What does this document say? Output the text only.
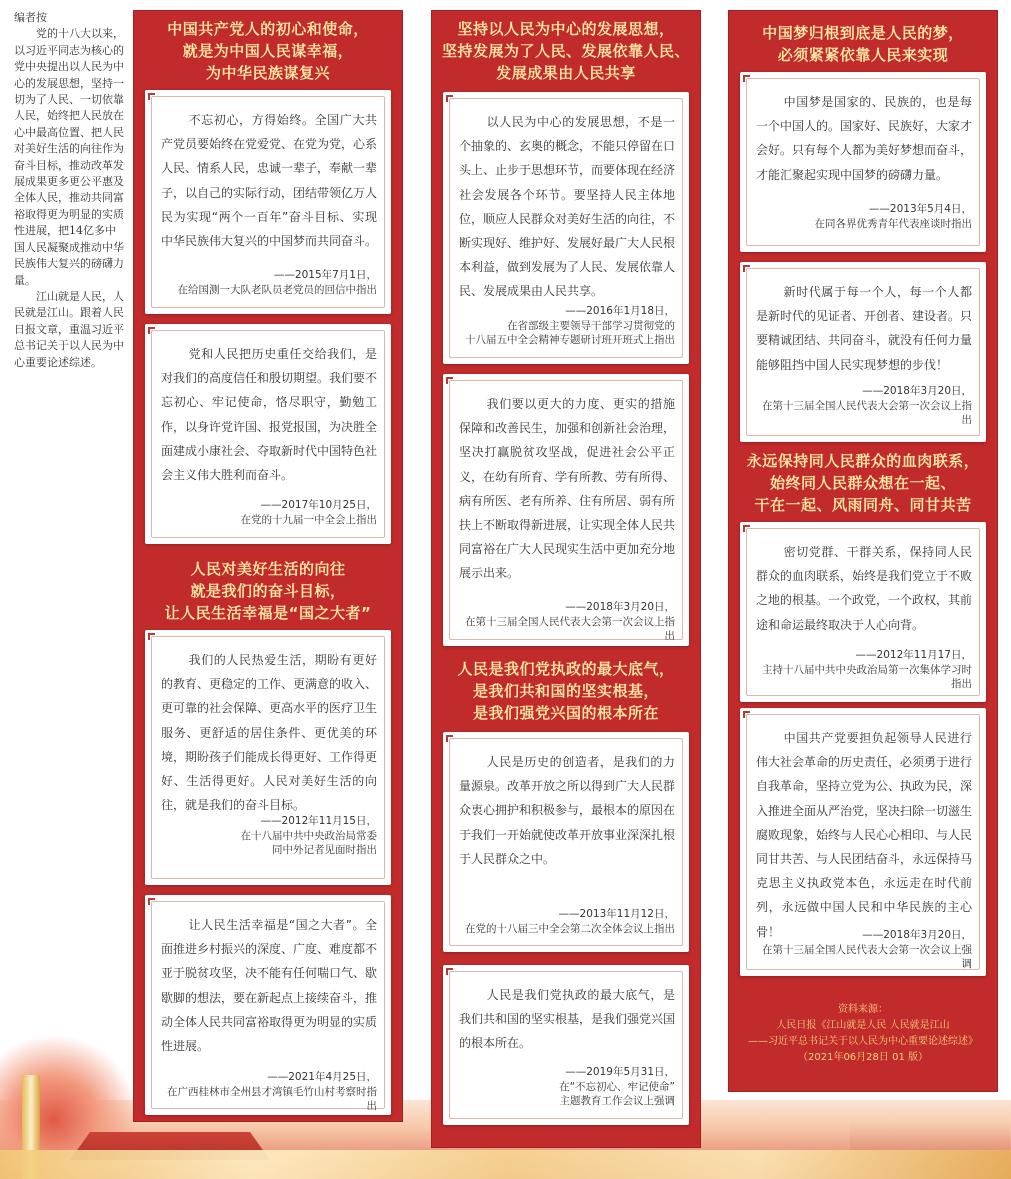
编者按
党的十八大以来，以习近平同志为核心的党中央提出以人民为中心的发展思想，坚持一切为了人民、一切依靠人民，始终把人民放在心中最高位置、把人民对美好生活的向往作为奋斗目标，推动改革发展成果更多更公平惠及全体人民，推动共同富裕取得更为明显的实质性进展，把14亿多中国人民凝聚成推动中华民族伟大复兴的磅礴力量。
江山就是人民，人民就是江山。跟着人民日报文章，重温习近平总书记关于以人民为中心重要论述综述。
中国共产党人的初心和使命，
就是为中国人民谋幸福，
为中华民族谋复兴
不忘初心，方得始终。全国广大共产党员要始终在党爱党、在党为党，心系人民、情系人民，忠诚一辈子，奉献一辈子，以自己的实际行动，团结带领亿万人民为实现“两个一百年”奋斗目标、实现中华民族伟大复兴的中国梦而共同奋斗。
——2015年7月1日，
在给国测一大队老队员老党员的回信中指出
党和人民把历史重任交给我们，是对我们的高度信任和殷切期望。我们要不忘初心、牢记使命，恪尽职守，勤勉工作，以身许党许国、报党报国，为决胜全面建成小康社会、夺取新时代中国特色社会主义伟大胜利而奋斗。
——2017年10月25日，
在党的十九届一中全会上指出
人民对美好生活的向往
就是我们的奋斗目标，
让人民生活幸福是“国之大者”
我们的人民热爱生活，期盼有更好的教育、更稳定的工作、更满意的收入、更可靠的社会保障、更高水平的医疗卫生服务、更舒适的居住条件、更优美的环境，期盼孩子们能成长得更好、工作得更好、生活得更好。人民对美好生活的向往，就是我们的奋斗目标。
——2012年11月15日，
在十八届中共中央政治局常委
同中外记者见面时指出
让人民生活幸福是“国之大者”。全面推进乡村振兴的深度、广度、难度都不亚于脱贫攻坚，决不能有任何喘口气、歇歇脚的想法，要在新起点上接续奋斗，推动全体人民共同富裕取得更为明显的实质性进展。
——2021年4月25日，
在广西桂林市全州县才湾镇毛竹山村考察时指出
坚持以人民为中心的发展思想，
坚持发展为了人民、发展依靠人民、
发展成果由人民共享
以人民为中心的发展思想，不是一个抽象的、玄奥的概念，不能只停留在口头上、止步于思想环节，而要体现在经济社会发展各个环节。要坚持人民主体地位，顺应人民群众对美好生活的向往，不断实现好、维护好、发展好最广大人民根本利益，做到发展为了人民、发展依靠人民、发展成果由人民共享。
——2016年1月18日，
在省部级主要领导干部学习贯彻党的
十八届五中全会精神专题研讨班开班式上指出
我们要以更大的力度、更实的措施保障和改善民生，加强和创新社会治理，坚决打赢脱贫攻坚战，促进社会公平正义，在幼有所育、学有所教、劳有所得、病有所医、老有所养、住有所居、弱有所扶上不断取得新进展，让实现全体人民共同富裕在广大人民现实生活中更加充分地展示出来。
——2018年3月20日，
在第十三届全国人民代表大会第一次会议上指出
人民是我们党执政的最大底气，
是我们共和国的坚实根基，
是我们强党兴国的根本所在
人民是历史的创造者，是我们的力量源泉。改革开放之所以得到广大人民群众衷心拥护和积极参与，最根本的原因在于我们一开始就使改革开放事业深深扎根于人民群众之中。
——2013年11月12日，
在党的十八届三中全会第二次全体会议上指出
人民是我们党执政的最大底气，是我们共和国的坚实根基，是我们强党兴国的根本所在。
——2019年5月31日，
在“不忘初心、牢记使命”
主题教育工作会议上强调
中国梦归根到底是人民的梦，
必须紧紧依靠人民来实现
中国梦是国家的、民族的，也是每一个中国人的。国家好、民族好，大家才会好。只有每个人都为美好梦想而奋斗，才能汇聚起实现中国梦的磅礴力量。
——2013年5月4日，
在同各界优秀青年代表座谈时指出
新时代属于每一个人，每一个人都是新时代的见证者、开创者、建设者。只要精诚团结、共同奋斗，就没有任何力量能够阻挡中国人民实现梦想的步伐！
——2018年3月20日，
在第十三届全国人民代表大会第一次会议上指出
永远保持同人民群众的血肉联系，
始终同人民群众想在一起、
干在一起、风雨同舟、同甘共苦
密切党群、干群关系，保持同人民群众的血肉联系，始终是我们党立于不败之地的根基。一个政党，一个政权，其前途和命运最终取决于人心向背。
——2012年11月17日，
主持十八届中共中央政治局第一次集体学习时指出
中国共产党要担负起领导人民进行伟大社会革命的历史责任，必须勇于进行自我革命，坚持立党为公、执政为民，深入推进全面从严治党，坚决扫除一切滋生腐败现象，始终与人民心心相印、与人民同甘共苦、与人民团结奋斗，永远保持马克思主义执政党本色，永远走在时代前列，永远做中国人民和中华民族的主心骨！	——2018年3月20日，
在第十三届全国人民代表大会第一次会议上强调
资料来源：
人民日报《江山就是人民 人民就是江山
——习近平总书记关于以人民为中心重要论述综述》
（2021年06月28日 01 版）
